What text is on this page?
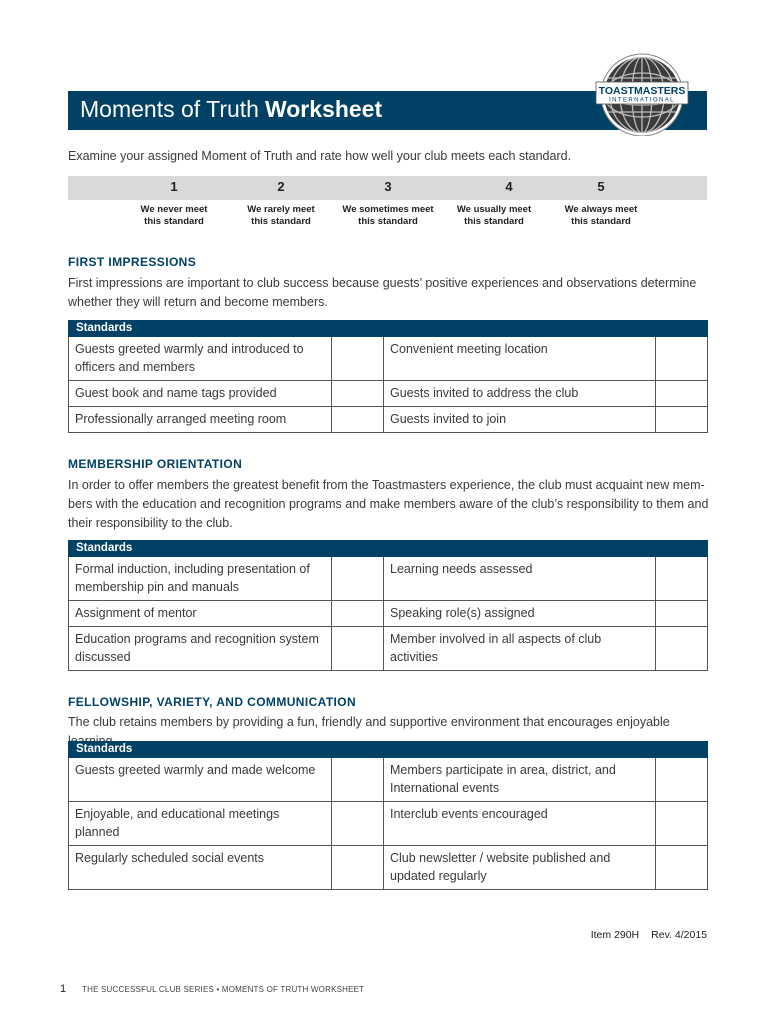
Moments of Truth Worksheet
TOASTMASTERS
INTERNATIONAL
Examine your assigned Moment of Truth and rate how well your club meets each standard.
1	2	3	4	5
We never meet
this standard
We rarely meet
this standard
We sometimes meet
this standard
We usually meet
this standard
We always meet
this standard
FIRST IMPRESSIONS
First impressions are important to club success because guests’ positive experiences and observations determine whether they will return and become members.
Standards			
Guests greeted warmly and introduced to officers and members		Convenient meeting location	
Guest book and name tags provided		Guests invited to address the club	
Professionally arranged meeting room		Guests invited to join	
MEMBERSHIP ORIENTATION
In order to offer members the greatest benefit from the Toastmasters experience, the club must acquaint new mem-bers with the education and recognition programs and make members aware of the club’s responsibility to them and their responsibility to the club.
Standards			
Formal induction, including presentation of membership pin and manuals		Learning needs assessed	
Assignment of mentor		Speaking role(s) assigned	
Education programs and recognition system discussed		Member involved in all aspects of club activities	
FELLOWSHIP, VARIETY, AND COMMUNICATION
The club retains members by providing a fun, friendly and supportive environment that encourages enjoyable
Standards			
Guests greeted warmly and made welcome		Members participate in area, district, and International events	
Enjoyable, and educational meetings planned		Interclub events encouraged	
Regularly scheduled social events		Club newsletter / website published and updated regularly	
Item 290H Rev. 4/2015
1 THE SUCCESSFUL CLUB SERIES • MOMENTS OF TRUTH WORKSHEET
